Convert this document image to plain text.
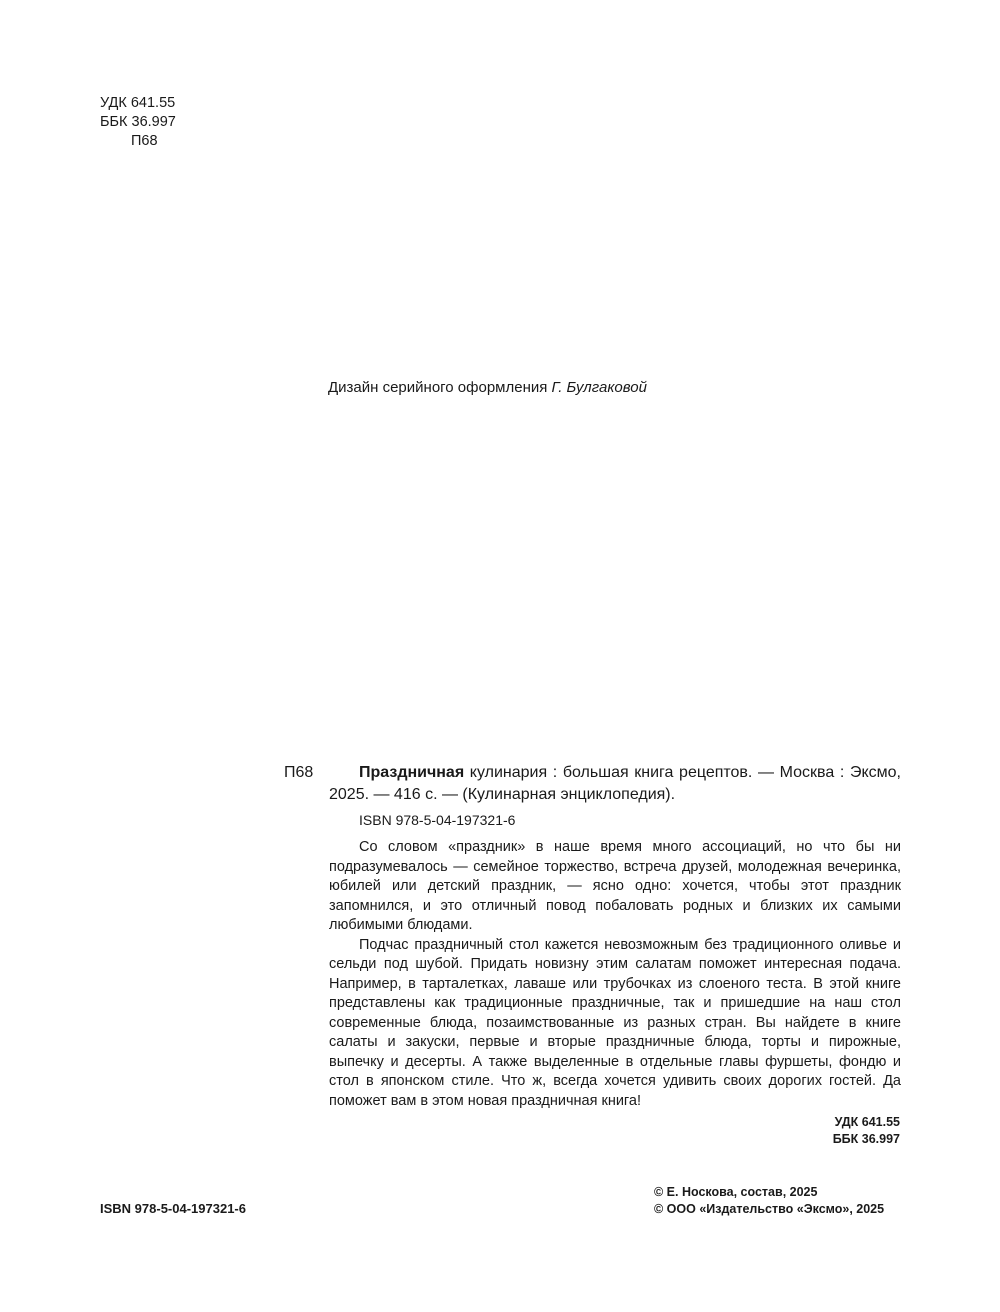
УДК 641.55
ББК 36.997
П68
Дизайн серийного оформления Г. Булгаковой
П68	Праздничная кулинария : большая книга рецептов. — Москва : Эксмо, 2025. — 416 с. — (Кулинарная энциклопедия).
ISBN 978-5-04-197321-6

Со словом «праздник» в наше время много ассоциаций, но что бы ни подразумевалось — семейное торжество, встреча друзей, молодежная вечеринка, юбилей или детский праздник, — ясно одно: хочется, чтобы этот праздник запомнился, и это отличный повод побаловать родных и близких их самыми любимыми блюдами.

Подчас праздничный стол кажется невозможным без традиционного оливье и сельди под шубой. Придать новизну этим салатам поможет интересная подача. Например, в тарталетках, лаваше или трубочках из слоеного теста. В этой книге представлены как традиционные праздничные, так и пришедшие на наш стол современные блюда, позаимствованные из разных стран. Вы найдете в книге салаты и закуски, первые и вторые праздничные блюда, торты и пирожные, выпечку и десерты. А также выделенные в отдельные главы фуршеты, фондю и стол в японском стиле. Что ж, всегда хочется удивить своих дорогих гостей. Да поможет вам в этом новая праздничная книга!

УДК 641.55
ББК 36.997
ISBN 978-5-04-197321-6
© Е. Носкова, состав, 2025
© ООО «Издательство «Эксмо», 2025
